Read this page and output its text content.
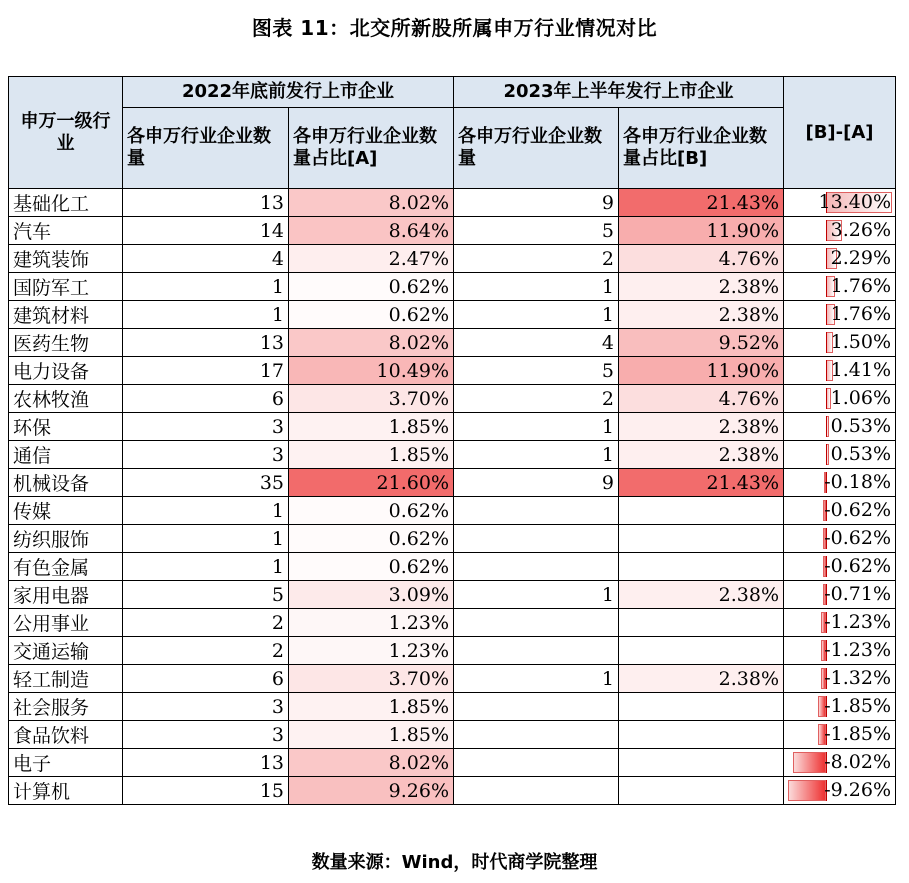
图表 11：北交所新股所属申万行业情况对比
申万一级行业	2022年底前发行上市企业		2023年上半年发行上市企业		[B]-[A]
	各申万行业企业数量	各申万行业企业数量占比[A]	各申万行业企业数量	各申万行业企业数量占比[B]	
基础化工	13	8.02%	9	21.43%	13.40%

汽车	14	8.64%	5	11.90%	3.26%

建筑装饰	4	2.47%	2	4.76%	2.29%

国防军工	1	0.62%	1	2.38%	1.76%

建筑材料	1	0.62%	1	2.38%	1.76%

医药生物	13	8.02%	4	9.52%	1.50%

电力设备	17	10.49%	5	11.90%	1.41%

农林牧渔	6	3.70%	2	4.76%	1.06%

环保	3	1.85%	1	2.38%	0.53%

通信	3	1.85%	1	2.38%	0.53%

机械设备	35	21.60%	9	21.43%	-0.18%

传媒	1	0.62%			-0.62%

纺织服饰	1	0.62%			-0.62%

有色金属	1	0.62%			-0.62%

家用电器	5	3.09%	1	2.38%	-0.71%

公用事业	2	1.23%			-1.23%

交通运输	2	1.23%			-1.23%

轻工制造	6	3.70%	1	2.38%	-1.32%

社会服务	3	1.85%			-1.85%

食品饮料	3	1.85%			-1.85%

电子	13	8.02%			-8.02%

计算机	15	9.26%			-9.26%
数量来源：Wind，时代商学院整理
